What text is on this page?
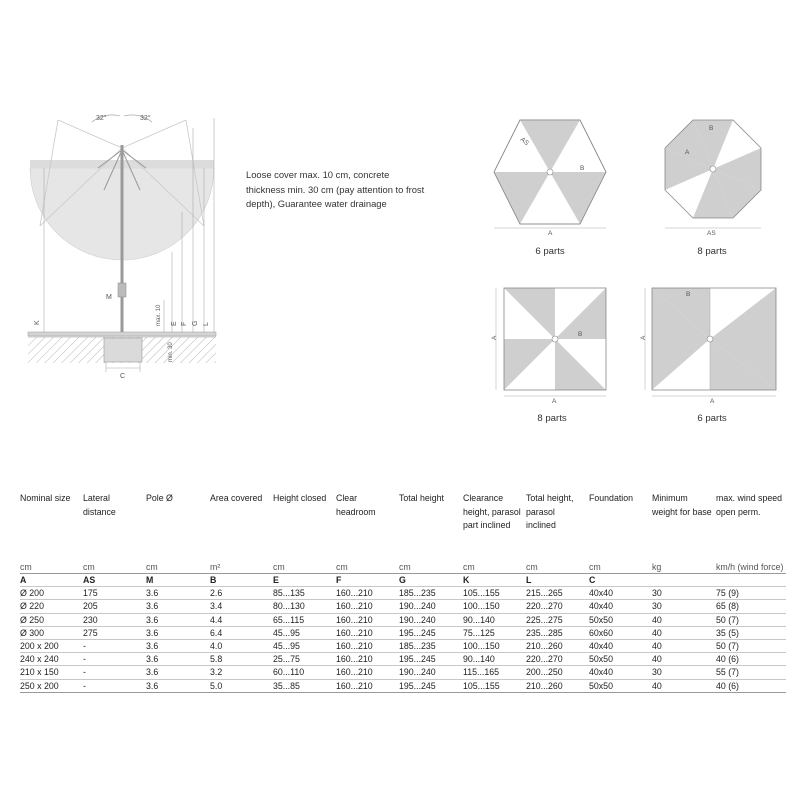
32°	32°
K
M
max. 10 E F G L
min. 30
C
Loose cover max. 10 cm, concrete thickness min. 30 cm (pay attention to frost depth), Guarantee water drainage
A
B
AS
6 parts
AS
B
A
8 parts
A
B
A
8 parts
A
B
A
6 parts
Nominal size	Lateral distance	Pole Ø	Area covered	Height closed	Clear headroom	Total height	Clearance height, parasol part inclined	Total height, parasol inclined	Foundation	Minimum weight for base	max. wind speed open perm.
cm	cm	cm	m²	cm	cm	cm	cm	cm	cm	kg	km/h (wind force)
A	AS	M	B	E	F	G	K	L	C		
Ø 200	175	3.6	2.6	85...135	160...210	185...235	105...155	215...265	40x40	30	75 (9)
Ø 220	205	3.6	3.4	80...130	160...210	190...240	100...150	220...270	40x40	30	65 (8)
Ø 250	230	3.6	4.4	65...115	160...210	190...240	90...140	225...275	50x50	40	50 (7)
Ø 300	275	3.6	6.4	45...95	160...210	195...245	75...125	235...285	60x60	40	35 (5)
200 x 200	-	3.6	4.0	45...95	160...210	185...235	100...150	210...260	40x40	40	50 (7)
240 x 240	-	3.6	5.8	25...75	160...210	195...245	90...140	220...270	50x50	40	40 (6)
210 x 150	-	3.6	3.2	60...110	160...210	190...240	115...165	200...250	40x40	30	55 (7)
250 x 200	-	3.6	5.0	35...85	160...210	195...245	105...155	210...260	50x50	40	40 (6)
